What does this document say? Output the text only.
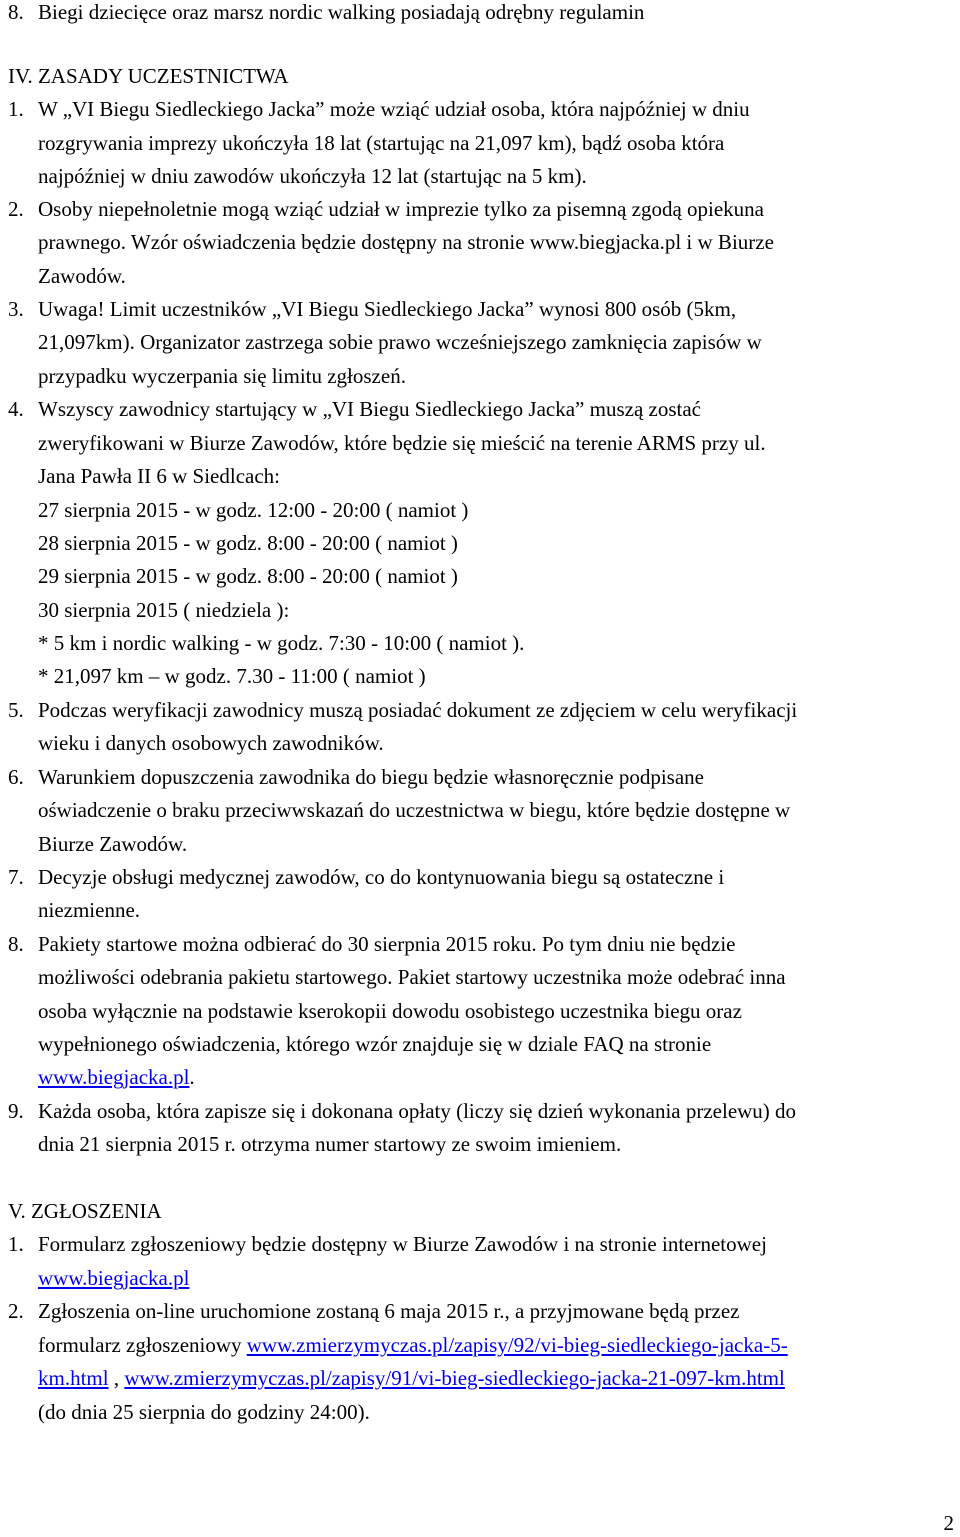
8. Biegi dziecięce oraz marsz nordic walking posiadają odrębny regulamin
IV. ZASADY UCZESTNICTWA
1. W „VI Biegu Siedleckiego Jacka” może wziąć udział osoba, która najpóźniej w dniu
rozgrywania imprezy ukończyła 18 lat (startując na 21,097 km), bądź osoba która
najpóźniej w dniu zawodów ukończyła 12 lat (startując na 5 km).
2. Osoby niepełnoletnie mogą wziąć udział w imprezie tylko za pisemną zgodą opiekuna
prawnego. Wzór oświadczenia będzie dostępny na stronie www.biegjacka.pl i w Biurze
Zawodów.
3. Uwaga! Limit uczestników „VI Biegu Siedleckiego Jacka” wynosi 800 osób (5km,
21,097km). Organizator zastrzega sobie prawo wcześniejszego zamknięcia zapisów w
przypadku wyczerpania się limitu zgłoszeń.
4. Wszyscy zawodnicy startujący w „VI Biegu Siedleckiego Jacka” muszą zostać
zweryfikowani w Biurze Zawodów, które będzie się mieścić na terenie ARMS przy ul.
Jana Pawła II 6 w Siedlcach:
27 sierpnia 2015 - w godz. 12:00 - 20:00 ( namiot )
28 sierpnia 2015 - w godz. 8:00 - 20:00 ( namiot )
29 sierpnia 2015 - w godz. 8:00 - 20:00 ( namiot )
30 sierpnia 2015 ( niedziela ):
* 5 km i nordic walking - w godz. 7:30 - 10:00 ( namiot ).
* 21,097 km – w godz. 7.30 - 11:00 ( namiot )
5. Podczas weryfikacji zawodnicy muszą posiadać dokument ze zdjęciem w celu weryfikacji
wieku i danych osobowych zawodników.
6. Warunkiem dopuszczenia zawodnika do biegu będzie własnoręcznie podpisane
oświadczenie o braku przeciwwskazań do uczestnictwa w biegu, które będzie dostępne w
Biurze Zawodów.
7. Decyzje obsługi medycznej zawodów, co do kontynuowania biegu są ostateczne i
niezmienne.
8. Pakiety startowe można odbierać do 30 sierpnia 2015 roku. Po tym dniu nie będzie
możliwości odebrania pakietu startowego. Pakiet startowy uczestnika może odebrać inna
osoba wyłącznie na podstawie kserokopii dowodu osobistego uczestnika biegu oraz
wypełnionego oświadczenia, którego wzór znajduje się w dziale FAQ na stronie
www.biegjacka.pl.
9. Każda osoba, która zapisze się i dokonana opłaty (liczy się dzień wykonania przelewu) do
dnia 21 sierpnia 2015 r. otrzyma numer startowy ze swoim imieniem.
V. ZGŁOSZENIA
1. Formularz zgłoszeniowy będzie dostępny w Biurze Zawodów i na stronie internetowej
www.biegjacka.pl
2. Zgłoszenia on-line uruchomione zostaną 6 maja 2015 r., a przyjmowane będą przez
formularz zgłoszeniowy www.zmierzymyczas.pl/zapisy/92/vi-bieg-siedleckiego-jacka-5-
km.html , www.zmierzymyczas.pl/zapisy/91/vi-bieg-siedleckiego-jacka-21-097-km.html
(do dnia 25 sierpnia do godziny 24:00).
2
